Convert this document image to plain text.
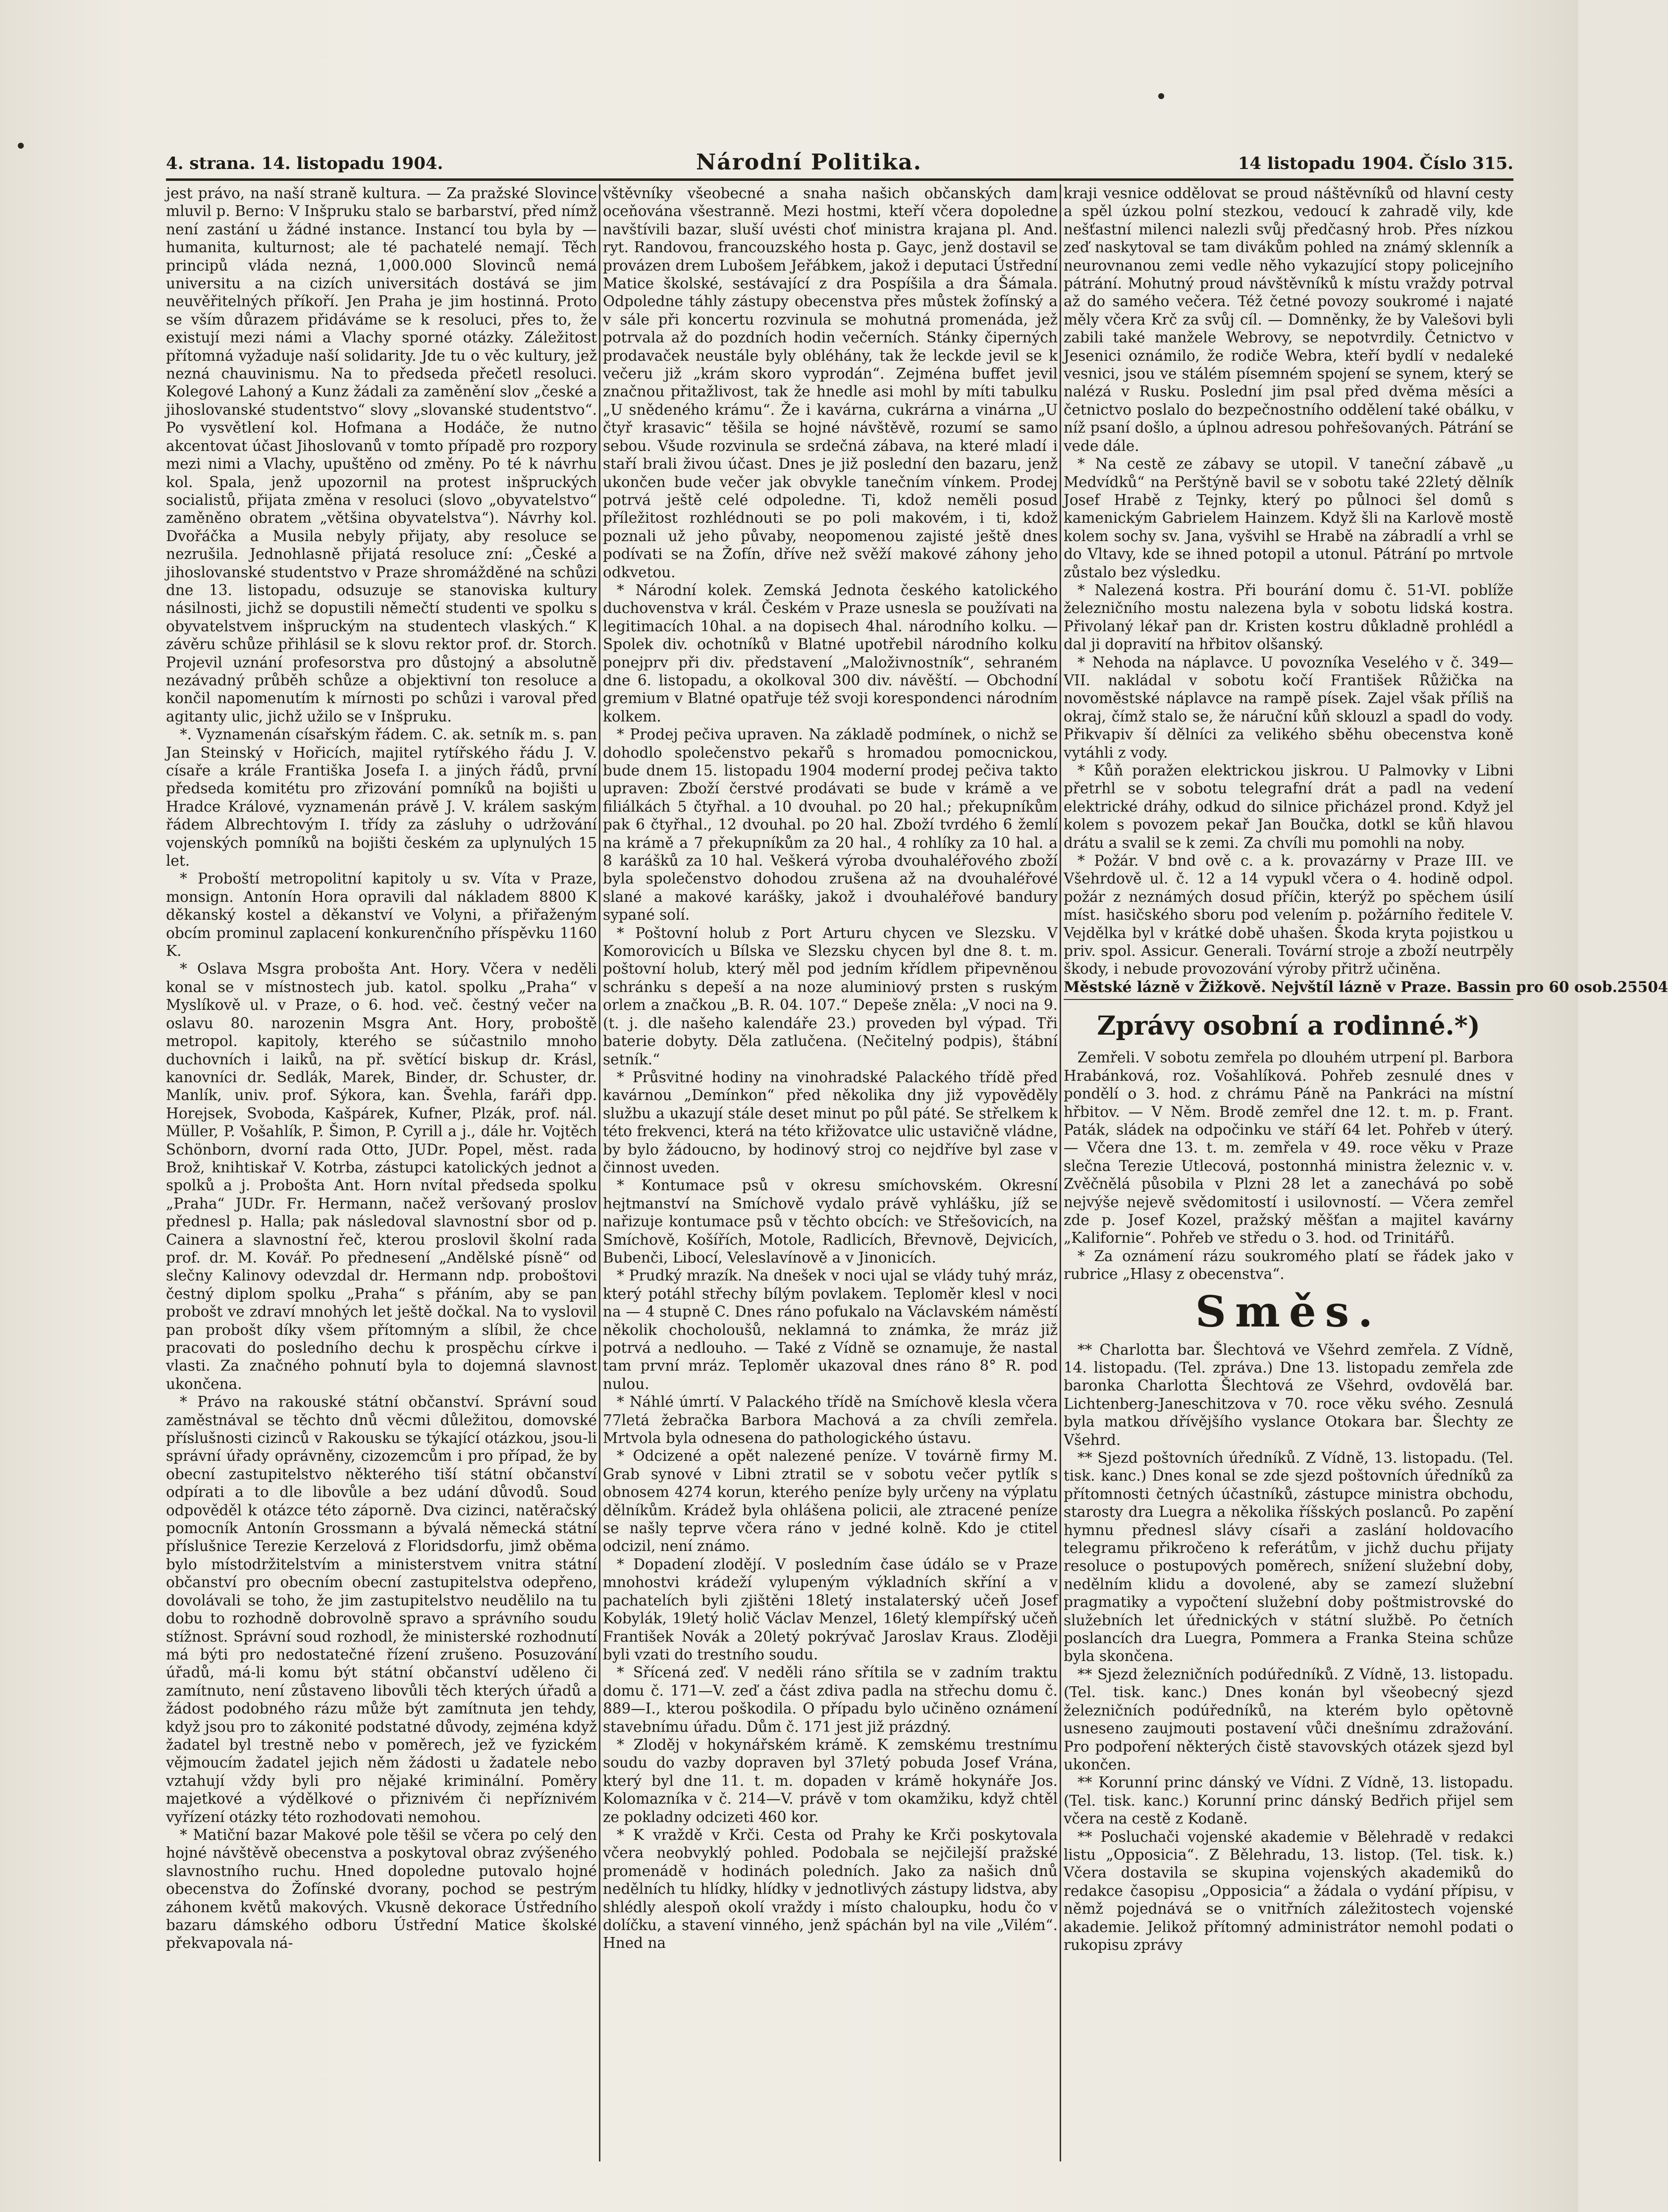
4. strana. 14. listopadu 1904.	Národní Politika.	14 listopadu 1904. Číslo 315.

jest právo, na naší straně kultura. — Za pražské Slovince mluvil p. Berno: V Inšpruku stalo se barbarství, před nímž není zastání u žádné instance. Instancí tou byla by — humanita, kulturnost; ale té pachatelé nemají. Těch principů vláda nezná, 1,000.000 Slovinců nemá universitu a na cizích universitách dostává se jim neuvěřitelných příkoří. Jen Praha je jim hostinná. Proto se vším důrazem přidáváme se k resoluci, přes to, že existují mezi námi a Vlachy sporné otázky. Záležitost přítomná vyžaduje naší solidarity. Jde tu o věc kultury, jež nezná chauvinismu. Na to předseda přečetl resoluci. Kolegové Lahoný a Kunz žádali za zaměnění slov „české a jihoslovanské studentstvo“ slovy „slovanské studentstvo“. Po vysvětlení kol. Hofmana a Hodáče, že nutno akcentovat účast Jihoslovanů v tomto případě pro rozpory mezi nimi a Vlachy, upuštěno od změny. Po té k návrhu kol. Spala, jenž upozornil na protest inšpruckých socialistů, přijata změna v resoluci (slovo „obyvatelstvo“ zaměněno obratem „většina obyvatelstva“). Návrhy kol. Dvořáčka a Musila nebyly přijaty, aby resoluce se nezrušila. Jednohlasně přijatá resoluce zní: „České a jihoslovanské studentstvo v Praze shromážděné na schůzi dne 13. listopadu, odsuzuje se stanoviska kultury násilnosti, jichž se dopustili němečtí studenti ve spolku s obyvatelstvem inšpruckým na studentech vlaských.“ K závěru schůze přihlásil se k slovu rektor prof. dr. Storch. Projevil uznání profesorstva pro důstojný a absolutně nezávadný průběh schůze a objektivní ton resoluce a končil napomenutím k mírnosti po schůzi i varoval před agitanty ulic, jichž užilo se v Inšpruku.

*. Vyznamenán císařským řádem. C. ak. setník m. s. pan Jan Steinský v Hořicích, majitel rytířského řádu J. V. císaře a krále Františka Josefa I. a jiných řádů, první předseda komitétu pro zřizování pomníků na bojišti u Hradce Králové, vyznamenán právě J. V. králem saským řádem Albrechtovým I. třídy za zásluhy o udržování vojenských pomníků na bojišti českém za uplynulých 15 let.

* Proboští metropolitní kapitoly u sv. Víta v Praze, monsign. Antonín Hora opravili dal nákladem 8800 K děkanský kostel a děkanství ve Volyni, a přiřaženým obcím prominul zaplacení konkurenčního příspěvku 1160 K.

* Oslava Msgra proboštа Ant. Hory. Včera v neděli konal se v místnostech jub. katol. spolku „Praha“ v Myslíkově ul. v Praze, o 6. hod. več. čestný večer na oslavu 80. narozenin Msgra Ant. Hory, proboště metropol. kapitoly, kterého se súčastnilo mnoho duchovních i laiků, na př. světící biskup dr. Krásl, kanovníci dr. Sedlák, Marek, Binder, dr. Schuster, dr. Manlík, univ. prof. Sýkora, kan. Švehla, faráři dpp. Horejsek, Svoboda, Kašpárek, Kufner, Plzák, prof. nál. Müller, P. Vošahlík, P. Šimon, P. Cyrill a j., dále hr. Vojtěch Schönborn, dvorní rada Otto, JUDr. Popel, měst. rada Brož, knihtiskař V. Kotrba, zástupci katolických jednot a spolků a j. Proboštа Ant. Horn nvítal předseda spolku „Praha“ JUDr. Fr. Hermann, načež veršovaný proslov přednesl p. Halla; pak následoval slavnostní sbor od p. Cainera a slavnostní řeč, kterou proslovil školní rada prof. dr. M. Kovář. Po přednesení „Andělské písně“ od slečny Kalinovy odevzdal dr. Hermann ndp. proboštovi čestný diplom spolku „Praha“ s přáním, aby se pan probošt ve zdraví mnohých let ještě dočkal. Na to vyslovil pan probošt díky všem přítomným a slíbil, že chce pracovati do posledního dechu k prospěchu církve i vlasti. Za značného pohnutí byla to dojemná slavnost ukončena.

* Právo na rakouské státní občanství. Správní soud zaměstnával se těchto dnů věcmi důležitou, domovské příslušnosti cizinců v Rakousku se týkající otázkou, jsou-li správní úřady oprávněny, cizozemcům i pro případ, že by obecní zastupitelstvo některého tiší státní občanství odpírati a to dle libovůle a bez udání důvodů. Soud odpověděl k otázce této záporně. Dva cizinci, natěračský pomocník Antonín Grossmann a bývalá německá státní příslušnice Terezie Kerzelová z Floridsdorfu, jimž oběma bylo místodržitelstvím a ministerstvem vnitra státní občanství pro obecním obecní zastupitelstva odepřeno, dovolávali se toho, že jim zastupitelstvo neudělilo na tu dobu to rozhodně dobrovolně spravo a správního soudu stížnost. Správní soud rozhodl, že ministerské rozhodnutí má býti pro nedostatečné řízení zrušeno. Posuzování úřadů, má-li komu být státní občanství uděleno či zamítnuto, není zůstaveno libovůli těch kterých úřadů a žádost podobného rázu může být zamítnuta jen tehdy, když jsou pro to zákonité podstatné důvody, zejména když žadatel byl trestně nebo v poměrech, jež ve fyzickém vějmoucím žadatel jejich něm žádosti u žadatele nebo vztahují vždy byli pro nějaké kriminální. Poměry majetkové a výdělkové o přiznivém či nepříznivém vyřízení otázky této rozhodovati nemohou.

* Matiční bazar Makové pole těšil se včera po celý den hojné návštěvě obecenstva a poskytoval obraz zvýšeného slavnostního ruchu. Hned dopoledne putovalo hojné obecenstva do Žofínské dvorany, pochod se pestrým záhonem květů makových. Vkusně dekorace Ústředního bazaru dámského odboru Ústřední Matice školské překvapovala ná-

vštěvníky všeobecné a snaha našich občanských dam oceňována všestranně. Mezi hostmi, kteří včera dopoledne navštívili bazar, sluší uvésti choť ministra krajana pl. And. ryt. Randovou, francouzského hosta p. Gayc, jenž dostavil se provázen drem Lubošem Jeřábkem, jakož i deputaci Ústřední Matice školské, sestávající z dra Pospíšila a dra Šámala. Odpoledne táhly zástupy obecenstva přes můstek žofínský a v sále při koncertu rozvinula se mohutná promenáda, jež potrvala až do pozdních hodin večerních. Stánky čiperných prodavaček neustále byly obléhány, tak že leckde jevil se k večeru již „krám skoro vyprodán“. Zejména buffet jevil značnou přitažlivost, tak že hnedle asi mohl by míti tabulku „U snědeného krámu“. Že i kavárna, cukrárna a vinárna „U čtyř krasavic“ těšila se hojné návštěvě, rozumí se samo sebou. Všude rozvinula se srdečná zábava, na které mladí i staří brali živou účast. Dnes je již poslední den bazaru, jenž ukončen bude večer jak obvykle tanečním vínkem. Prodej potrvá ještě celé odpoledne. Ti, kdož neměli posud příležitost rozhlédnouti se po poli makovém, i ti, kdož poznali už jeho půvaby, neopomenou zajisté ještě dnes podívati se na Žofín, dříve než svěží makové záhony jeho odkvetou.

* Národní kolek. Zemská Jednota českého katolického duchovenstva v král. Českém v Praze usnesla se používati na legitimacích 10hal. a na dopisech 4hal. národního kolku. — Spolek div. ochotníků v Blatné upotřebil národního kolku ponejprv při div. představení „Maloživnostník“, sehraném dne 6. listopadu, a okolkoval 300 div. návěští. — Obchodní gremium v Blatné opatřuje též svoji korespondenci národním kolkem.

* Prodej pečiva upraven. Na základě podmínek, o nichž se dohodlo společenstvo pekařů s hromadou pomocnickou, bude dnem 15. listopadu 1904 moderní prodej pečiva takto upraven: Zboží čerstvé prodávati se bude v krámě a ve filiálkách 5 čtyřhal. a 10 dvouhal. po 20 hal.; překupníkům pak 6 čtyřhal., 12 dvouhal. po 20 hal. Zboží tvrdého 6 žemlí na krámě a 7 překupníkům za 20 hal., 4 rohlíky za 10 hal. a 8 karášků za 10 hal. Veškerá výroba dvouhaléřového zboží byla společenstvo dohodou zrušena až na dvouhaléřové slané a makové karášky, jakož i dvouhaléřové bandury sypané solí.

* Poštovní holub z Port Arturu chycen ve Slezsku. V Komorovicích u Bílska ve Slezsku chycen byl dne 8. t. m. poštovní holub, který měl pod jedním křídlem připevněnou schránku s depeší a na noze aluminiový prsten s ruským orlem a značkou „B. R. 04. 107.“ Depeše zněla: „V noci na 9. (t. j. dle našeho kalendáře 23.) proveden byl výpad. Tři baterie dobyty. Děla zatlučena. (Nečitelný podpis), štábní setník.“

* Průsvitné hodiny na vinohradské Palackého třídě před kavárnou „Demínkon“ před několika dny již vypověděly službu a ukazují stále deset minut po půl páté. Se střelkem k této frekvenci, která na této křižovatce ulic ustavičně vládne, by bylo žádoucno, by hodinový stroj co nejdříve byl zase v činnost uveden.

* Kontumace psů v okresu smíchovském. Okresní hejtmanství na Smíchově vydalo právě vyhlášku, jíž se nařizuje kontumace psů v těchto obcích: ve Střešovicích, na Smíchově, Košířích, Motole, Radlicích, Břevnově, Dejvicích, Bubenči, Libocí, Veleslavínově a v Jinonicích.

* Prudký mrazík. Na dnešek v noci ujal se vlády tuhý mráz, který potáhl střechy bílým povlakem. Teploměr klesl v noci na — 4 stupně C. Dnes ráno pofukalo na Václavském náměstí několik chocholoušů, neklamná to známka, že mráz již potrvá a nedlouho. — Také z Vídně se oznamuje, že nastal tam první mráz. Teploměr ukazoval dnes ráno 8° R. pod nulou.

* Náhlé úmrtí. V Palackého třídě na Smíchově klesla včera 77letá žebračka Barbora Machová a za chvíli zemřela. Mrtvola byla odnesena do pathologického ústavu.

* Odcizené a opět nalezené peníze. V továrně firmy M. Grab synové v Libni ztratil se v sobotu večer pytlík s obnosem 4274 korun, kterého peníze byly určeny na výplatu dělníkům. Krádež byla ohlášena policii, ale ztracené peníze se našly teprve včera ráno v jedné kolně. Kdo je ctitel odcizil, není známo.

* Dopadení zlodějí. V posledním čase údálo se v Praze mnohostvi krádeží vylupeným výkladních skříní a v pachatelích byli zjištěni 18letý instalaterský učeň Josef Kobylák, 19letý holič Václav Menzel, 16letý klempířský učeň František Novák a 20letý pokrývač Jaroslav Kraus. Zloději byli vzati do trestního soudu.

* Sřícená zeď. V neděli ráno sřítila se v zadním traktu domu č. 171—V. zeď a část zdiva padla na střechu domu č. 889—I., kterou poškodila. O případu bylo učiněno oznámení stavebnímu úřadu. Dům č. 171 jest již prázdný.

* Zloděj v hokynářském krámě. K zemskému trestnímu soudu do vazby dopraven byl 37letý pobuda Josef Vrána, který byl dne 11. t. m. dopaden v krámě hokynáře Jos. Kolomazníka v č. 214—V. právě v tom okamžiku, když chtěl ze pokladny odcizeti 460 kor.

* K vraždě v Krči. Cesta od Prahy ke Krči poskytovala včera neobvyklý pohled. Podobala se nejčilejší pražské promenádě v hodinách poledních. Jako za našich dnů nedělních tu hlídky, hlídky v jednotlivých zástupy lidstva, aby shlédly alespoň okolí vraždy i místo chaloupku, hodu čo v dolíčku, a stavení vinného, jenž spáchán byl na vile „Vilém“. Hned na

kraji vesnice oddělovat se proud náštěvníků od hlavní cesty a spěl úzkou polní stezkou, vedoucí k zahradě vily, kde nešťastní milenci nalezli svůj předčasný hrob. Přes nízkou zeď naskytoval se tam divákům pohled na známý sklenník a neurovnanou zemi vedle něho vykazující stopy policejního pátrání. Mohutný proud návštěvníků k místu vraždy potrval až do samého večera. Též četné povozy soukromé i najaté měly včera Krč za svůj cíl. — Domněnky, že by Valešovi byli zabili také manžele Webrovy, se nepotvrdily. Četnictvo v Jesenici oznámilo, že rodiče Webra, kteří bydlí v nedaleké vesnici, jsou ve stálém písemném spojení se synem, který se nalézá v Rusku. Poslední jim psal před dvěma měsíci a četnictvo poslalo do bezpečnostního oddělení také obálku, v níž psaní došlo, a úplnou adresou pohřešovaných. Pátrání se vede dále.

* Na cestě ze zábavy se utopil. V taneční zábavě „u Medvídků“ na Perštýně bavil se v sobotu také 22letý dělník Josef Hrabě z Tejnky, který po půlnoci šel domů s kamenickým Gabrielem Hainzem. Když šli na Karlově mostě kolem sochy sv. Jana, vyšvihl se Hrabě na zábradlí a vrhl se do Vltavy, kde se ihned potopil a utonul. Pátrání po mrtvole zůstalo bez výsledku.

* Nalezená kostra. Při bourání domu č. 51-VI. poblíže železničního mostu nalezena byla v sobotu lidská kostra. Přivolaný lékař pan dr. Kristen kostru důkladně prohlédl a dal ji dopravití na hřbitov olšanský.

* Nehoda na náplavce. U povozníka Veselého v č. 349—VII. nakládal v sobotu kočí František Růžička na novoměstské náplavce na rampě písek. Zajel však příliš na okraj, čímž stalo se, že náruční kůň sklouzl a spadl do vody. Přikvapiv ší dělníci za velikého sběhu obecenstva koně vytáhli z vody.

* Kůň poražen elektrickou jiskrou. U Palmovky v Libni přetrhl se v sobotu telegrafní drát a padl na vedení elektrické dráhy, odkud do silnice přicházel prond. Když jel kolem s povozem pekař Jan Boučka, dotkl se kůň hlavou drátu a svalil se k zemi. Za chvíli mu pomohli na noby.

* Požár. V bnd ově c. a k. provazárny v Praze III. ve Všehrdově ul. č. 12 a 14 vypukl včera o 4. hodině odpol. požár z neznámých dosud příčin, kterýž po spěchem úsilí míst. hasičského sboru pod velením p. požárního ředitele V. Vejdělka byl v krátké době uhašen. Škoda kryta pojistkou u priv. spol. Assicur. Generali. Tovární stroje a zboží neutrpěly škody, i nebude provozování výroby přitrž učiněna.

Městské lázně v Žižkově. Nejvštíl lázně v Praze. Bassin pro 60 osob. 25504
Zprávy osobní a rodinné.*)

Zemřeli. V sobotu zemřela po dlouhém utrpení pl. Barbora Hrabánková, roz. Vošahlíková. Pohřeb zesnulé dnes v pondělí o 3. hod. z chrámu Páně na Pankráci na místní hřbitov. — V Něm. Brodě zemřel dne 12. t. m. p. Frant. Paták, sládek na odpočinku ve stáří 64 let. Pohřeb v úterý. — Včera dne 13. t. m. zemřela v 49. roce věku v Praze slečna Terezie Utlecová, postonnhá ministra železnic v. v. Zvěčnělá působila v Plzni 28 let a zanechává po sobě nejvýše nejevě svědomitostí i usilovností. — Včera zemřel zde p. Josef Kozel, pražský měšťan a majitel kavárny „Kalifornie“. Pohřeb ve středu o 3. hod. od Trinitářů.

* Za oznámení rázu soukromého platí se řádek jako v rubrice „Hlasy z obecenstva“.

Směs.

** Charlotta bar. Šlechtová ve Všehrd zemřela. Z Vídně, 14. listopadu. (Tel. zpráva.) Dne 13. listopadu zemřela zde baronka Charlotta Šlechtová ze Všehrd, ovdovělá bar. Lichtenberg-Janeschitzova v 70. roce věku svého. Zesnulá byla matkou dřívějšího vyslance Otokara bar. Šlechty ze Všehrd.

** Sjezd poštovních úředníků. Z Vídně, 13. listopadu. (Tel. tisk. kanc.) Dnes konal se zde sjezd poštovních úředníků za přítomnosti četných účastníků, zástupce ministra obchodu, starosty dra Luegra a několika říšských poslanců. Po zapění hymnu přednesl slávy císaři a zaslání holdovacího telegramu přikročeno k referátům, v jichž duchu přijaty resoluce o postupových poměrech, snížení služební doby, nedělním klidu a dovolené, aby se zamezí služební pragmatiky a vypočtení služební doby poštmistrovské do služebních let úřednických v státní službě. Po četních poslancích dra Luegra, Pommera a Franka Steina schůze byla skončena.

** Sjezd železničních podúředníků. Z Vídně, 13. listopadu. (Tel. tisk. kanc.) Dnes konán byl všeobecný sjezd železničních podúředníků, na kterém bylo opětovně usneseno zaujmouti postavení vůči dnešnímu zdražování. Pro podpoření některých čistě stavovských otázek sjezd byl ukončen.

** Korunní princ dánský ve Vídni. Z Vídně, 13. listopadu. (Tel. tisk. kanc.) Korunní princ dánský Bedřich přijel sem včera na cestě z Kodaně.

** Posluchači vojenské akademie v Bělehradě v redakci listu „Opposicia“. Z Bělehradu, 13. listop. (Tel. tisk. k.) Včera dostavila se skupina vojenských akademiků do redakce časopisu „Opposicia“ a žádala o vydání přípisu, v němž pojednává se o vnitřních záležitostech vojenské akademie. Jelikož přítomný administrátor nemohl podati o rukopisu zprávy
